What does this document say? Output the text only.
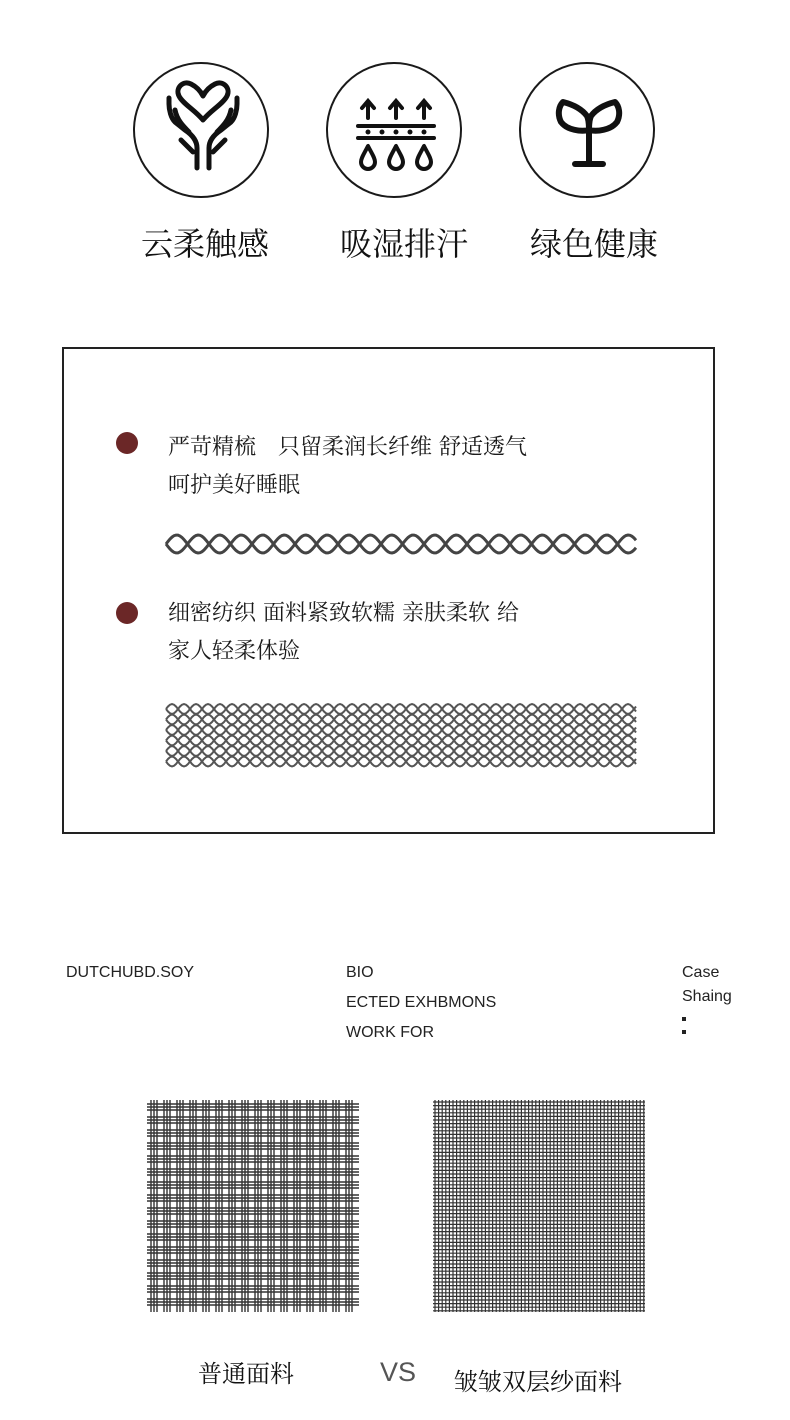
云柔触感	吸湿排汗	绿色健康
严苛精梳　只留柔润长纤维 舒适透气
呵护美好睡眠
细密纺织 面料紧致软糯 亲肤柔软 给
家人轻柔体验
DUTCHUBD.SOY	BIO
ECTED EXHBMONS
WORK FOR
Case
Shaing
普通面料	VS 皱皱双层纱面料
